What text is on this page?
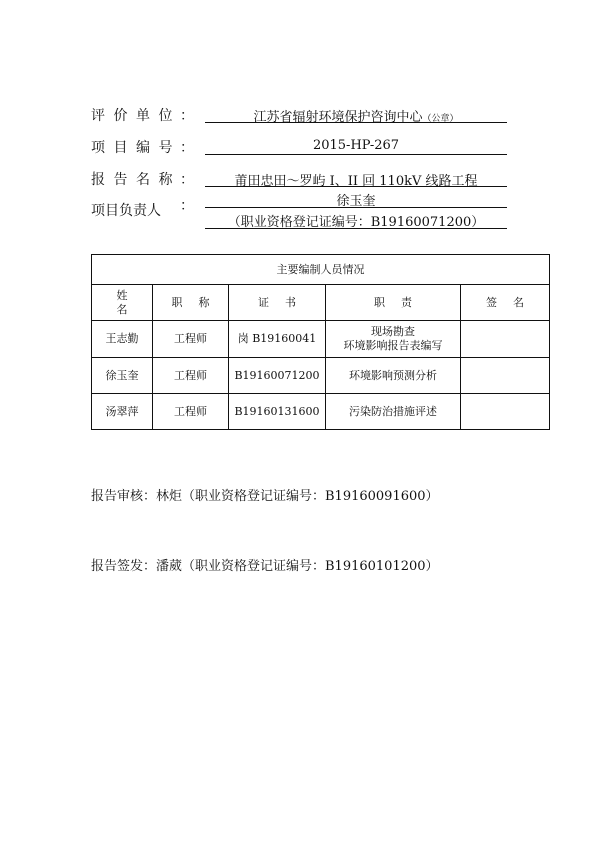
评价单位 ：	江苏省辐射环境保护咨询中心（公章）
项目编号 ：	2015-HP-267
报告名称 ：	莆田忠田～罗屿 I、II 回 110kV 线路工程
项目负责人 ：	徐玉奎
（职业资格登记证编号：B19160071200）
主要编制人员情况				
姓名	职称	证书	职责	签名
王志勤	工程师	岗 B19160041	现场勘查
环境影响报告表编写	

徐玉奎	工程师	B19160071200	环境影响预测分析	
汤翠萍	工程师	B19160131600	污染防治措施评述	
报告审核：林炬（职业资格登记证编号：B19160091600）
报告签发：潘葳（职业资格登记证编号：B19160101200）
